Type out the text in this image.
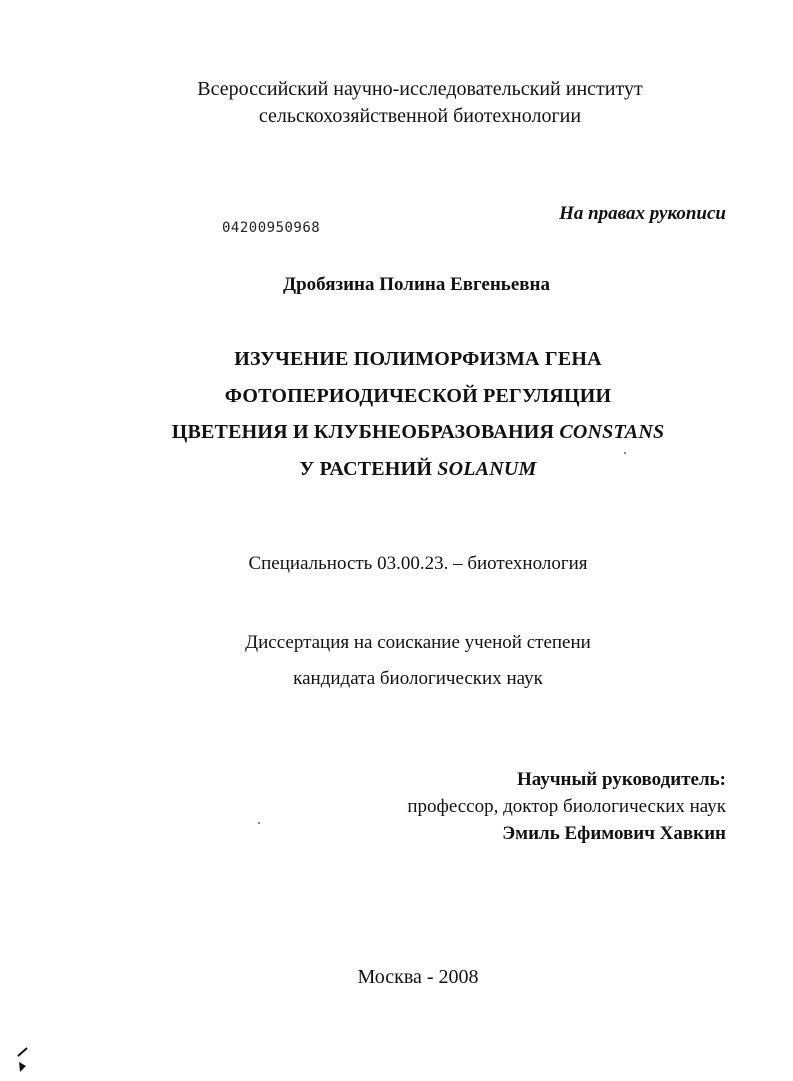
Всероссийский научно-исследовательский институт
сельскохозяйственной биотехнологии
04200950968
На правах рукописи
Дробязина Полина Евгеньевна
ИЗУЧЕНИЕ ПОЛИМОРФИЗМА ГЕНА
ФОТОПЕРИОДИЧЕСКОЙ РЕГУЛЯЦИИ
ЦВЕТЕНИЯ И КЛУБНЕОБРАЗОВАНИЯ CONSTANS
У РАСТЕНИЙ SOLANUM
Специальность 03.00.23. – биотехнология
Диссертация на соискание ученой степени
кандидата биологических наук
Научный руководитель:
профессор, доктор биологических наук
Эмиль Ефимович Хавкин
Москва - 2008
